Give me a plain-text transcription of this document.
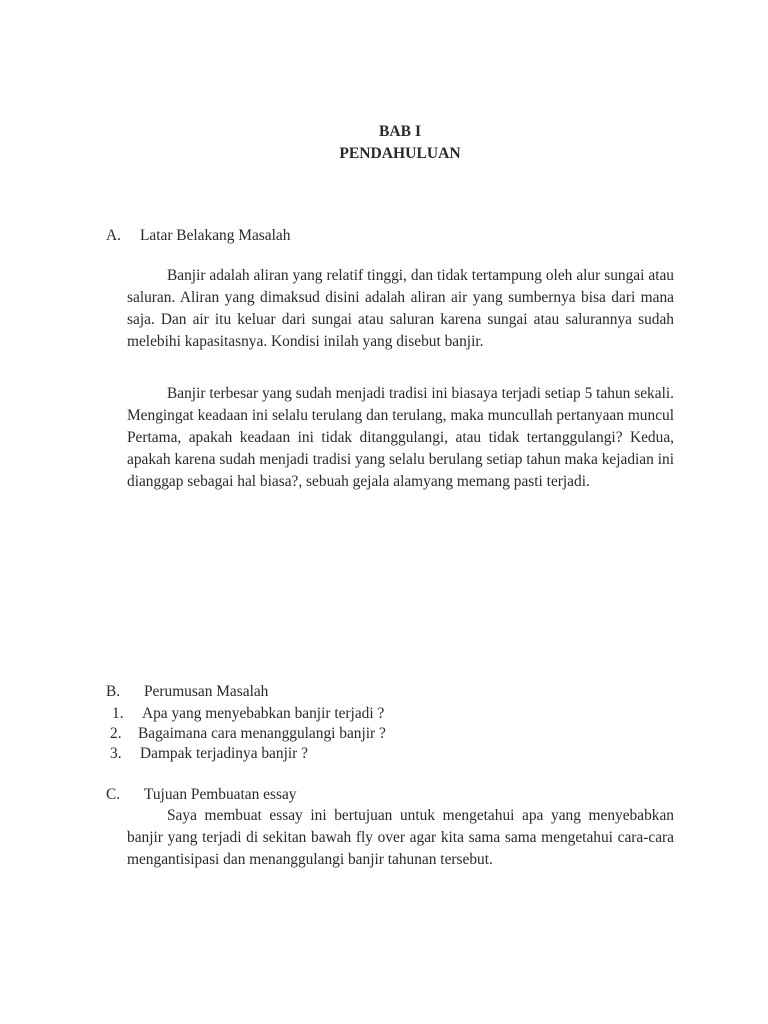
BAB I
PENDAHULUAN
A. Latar Belakang Masalah

Banjir adalah aliran yang relatif tinggi, dan tidak tertampung oleh alur sungai atau saluran. Aliran yang dimaksud disini adalah aliran air yang sumbernya bisa dari mana saja. Dan air itu keluar dari sungai atau saluran karena sungai atau salurannya sudah melebihi kapasitasnya. Kondisi inilah yang disebut banjir.

Banjir terbesar yang sudah menjadi tradisi ini biasaya terjadi setiap 5 tahun sekali. Mengingat keadaan ini selalu terulang dan terulang, maka muncullah pertanyaan muncul Pertama, apakah keadaan ini tidak ditanggulangi, atau tidak tertanggulangi? Kedua, apakah karena sudah menjadi tradisi yang selalu berulang setiap tahun maka kejadian ini dianggap sebagai hal biasa?, sebuah gejala alamyang memang pasti terjadi.

B. Perumusan Masalah
1. Apa yang menyebabkan banjir terjadi ?
2. Bagaimana cara menanggulangi banjir ?
3. Dampak terjadinya banjir ?
C. Tujuan Pembuatan essay

Saya membuat essay ini bertujuan untuk mengetahui apa yang menyebabkan banjir yang terjadi di sekitan bawah fly over agar kita sama sama mengetahui cara-cara mengantisipasi dan menanggulangi banjir tahunan tersebut.
